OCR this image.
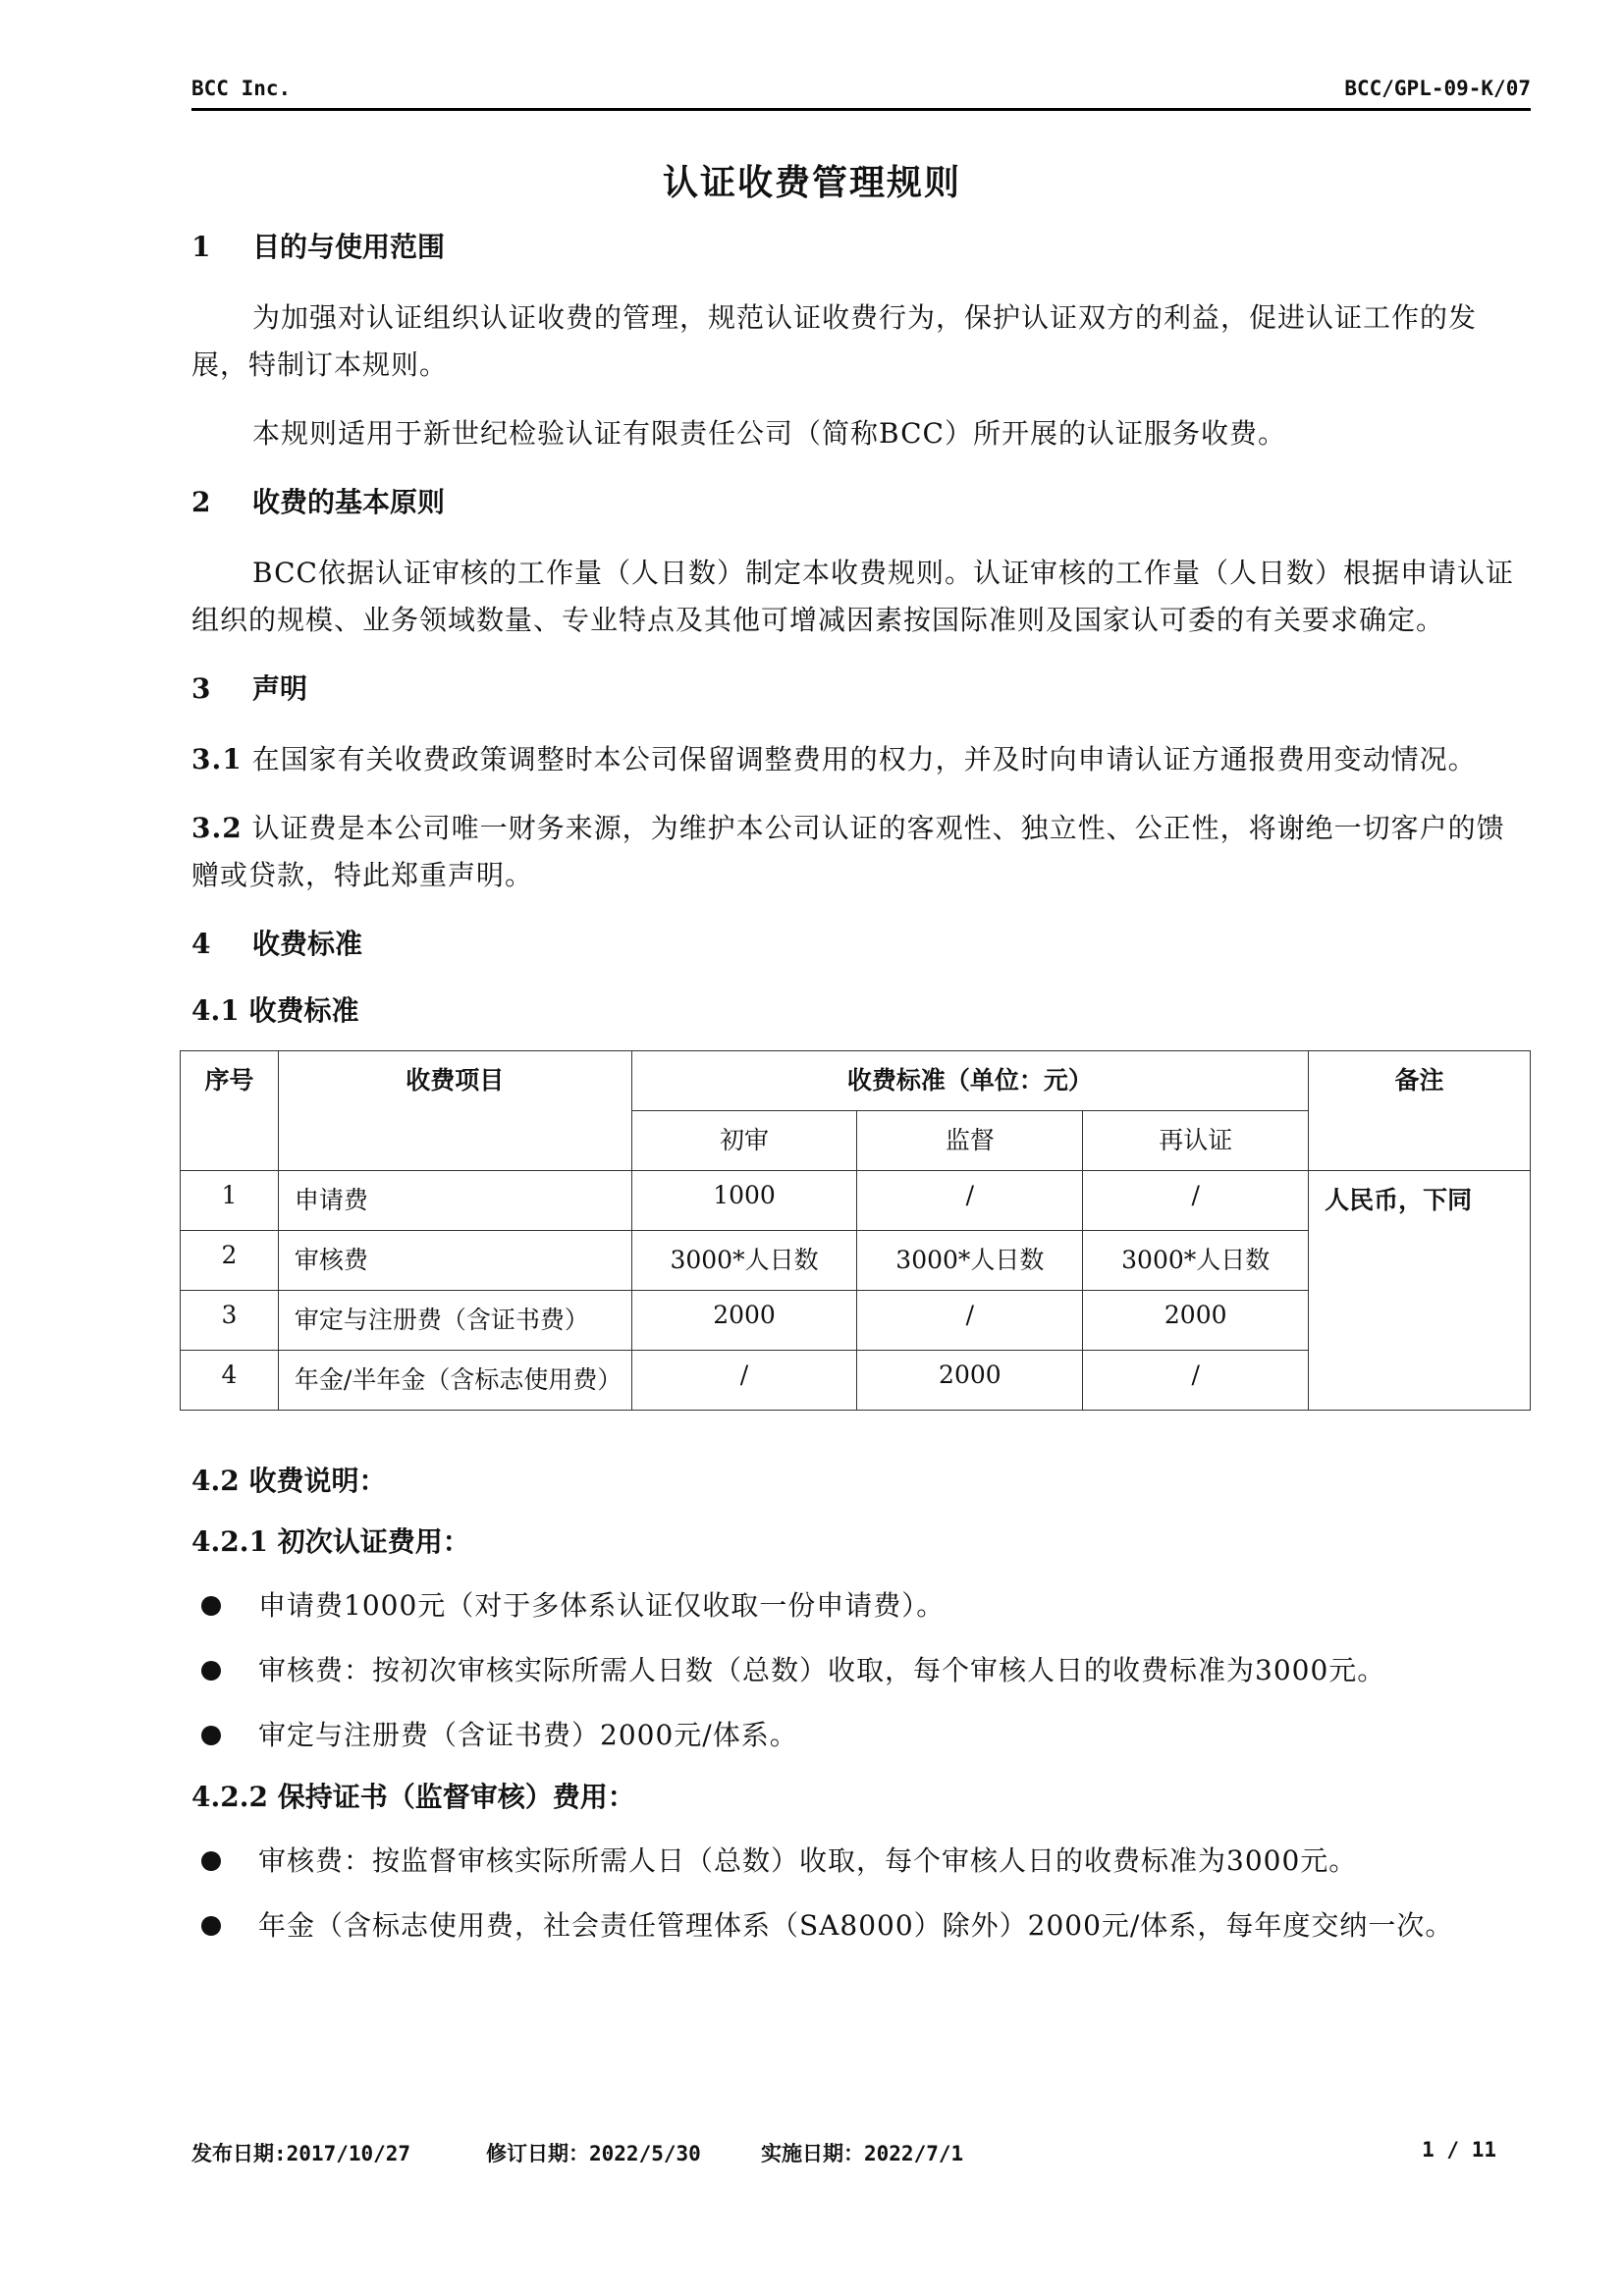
BCC Inc.	BCC/GPL-09-K/07
认证收费管理规则
1 目的与使用范围

为加强对认证组织认证收费的管理，规范认证收费行为，保护认证双方的利益，促进认证工作的发展，特制订本规则。

本规则适用于新世纪检验认证有限责任公司（简称BCC）所开展的认证服务收费。

2 收费的基本原则

BCC依据认证审核的工作量（人日数）制定本收费规则。认证审核的工作量（人日数）根据申请认证组织的规模、业务领域数量、专业特点及其他可增减因素按国际准则及国家认可委的有关要求确定。

3 声明

3.1 在国家有关收费政策调整时本公司保留调整费用的权力，并及时向申请认证方通报费用变动情况。

3.2 认证费是本公司唯一财务来源，为维护本公司认证的客观性、独立性、公正性，将谢绝一切客户的馈赠或贷款，特此郑重声明。

4 收费标准
4.1 收费标准
序号	收费项目	收费标准（单位：元）			备注
		初审	监督	再认证	
1	申请费	1000	/	/	人民币，下同
2	审核费	3000*人日数	3000*人日数	3000*人日数	
3	审定与注册费（含证书费）	2000	/	2000	
4	年金/半年金（含标志使用费）	/	2000	/	
4.2 收费说明：
4.2.1 初次认证费用：
申请费1000元（对于多体系认证仅收取一份申请费）。
审核费：按初次审核实际所需人日数（总数）收取，每个审核人日的收费标准为3000元。
审定与注册费（含证书费）2000元/体系。
4.2.2 保持证书（监督审核）费用：
审核费：按监督审核实际所需人日（总数）收取，每个审核人日的收费标准为3000元。
年金（含标志使用费，社会责任管理体系（SA8000）除外）2000元/体系，每年度交纳一次。
发布日期:2017/10/27	修订日期：2022/5/30	实施日期：2022/7/1	1 / 11
